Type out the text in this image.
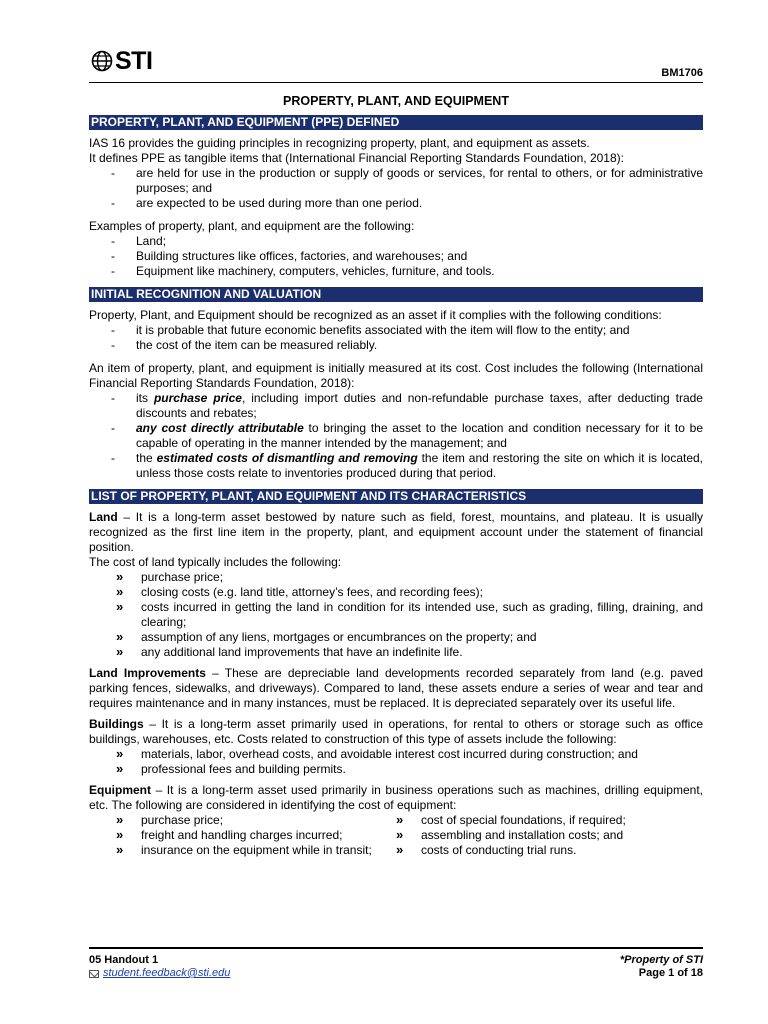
STI	BM1706
PROPERTY, PLANT, AND EQUIPMENT
PROPERTY, PLANT, AND EQUIPMENT (PPE) DEFINED

IAS 16 provides the guiding principles in recognizing property, plant, and equipment as assets.

It defines PPE as tangible items that (International Financial Reporting Standards Foundation, 2018):

- are held for use in the production or supply of goods or services, for rental to others, or for administrative purposes; and
- are expected to be used during more than one period.

Examples of property, plant, and equipment are the following:

- Land;
- Building structures like offices, factories, and warehouses; and
- Equipment like machinery, computers, vehicles, furniture, and tools.
INITIAL RECOGNITION AND VALUATION

Property, Plant, and Equipment should be recognized as an asset if it complies with the following conditions:

- it is probable that future economic benefits associated with the item will flow to the entity; and
- the cost of the item can be measured reliably.

An item of property, plant, and equipment is initially measured at its cost. Cost includes the following (International Financial Reporting Standards Foundation, 2018):

- its purchase price, including import duties and non-refundable purchase taxes, after deducting trade discounts and rebates;
- any cost directly attributable to bringing the asset to the location and condition necessary for it to be capable of operating in the manner intended by the management; and
- the estimated costs of dismantling and removing the item and restoring the site on which it is located, unless those costs relate to inventories produced during that period.
LIST OF PROPERTY, PLANT, AND EQUIPMENT AND ITS CHARACTERISTICS

Land – It is a long-term asset bestowed by nature such as field, forest, mountains, and plateau. It is usually recognized as the first line item in the property, plant, and equipment account under the statement of financial position.

The cost of land typically includes the following:

» purchase price;
» closing costs (e.g. land title, attorney’s fees, and recording fees);
» costs incurred in getting the land in condition for its intended use, such as grading, filling, draining, and clearing;
» assumption of any liens, mortgages or encumbrances on the property; and
» any additional land improvements that have an indefinite life.

Land Improvements – These are depreciable land developments recorded separately from land (e.g. paved parking fences, sidewalks, and driveways). Compared to land, these assets endure a series of wear and tear and requires maintenance and in many instances, must be replaced. It is depreciated separately over its useful life.

Buildings – It is a long-term asset primarily used in operations, for rental to others or storage such as office buildings, warehouses, etc. Costs related to construction of this type of assets include the following:

» materials, labor, overhead costs, and avoidable interest cost incurred during construction; and
» professional fees and building permits.

Equipment – It is a long-term asset used primarily in business operations such as machines, drilling equipment, etc. The following are considered in identifying the cost of equipment:

» purchase price;
» freight and handling charges incurred;
» insurance on the equipment while in transit;
» cost of special foundations, if required;
» assembling and installation costs; and
» costs of conducting trial runs.
05 Handout 1
student.feedback@sti.edu
*Property of STI
Page 1 of 18
